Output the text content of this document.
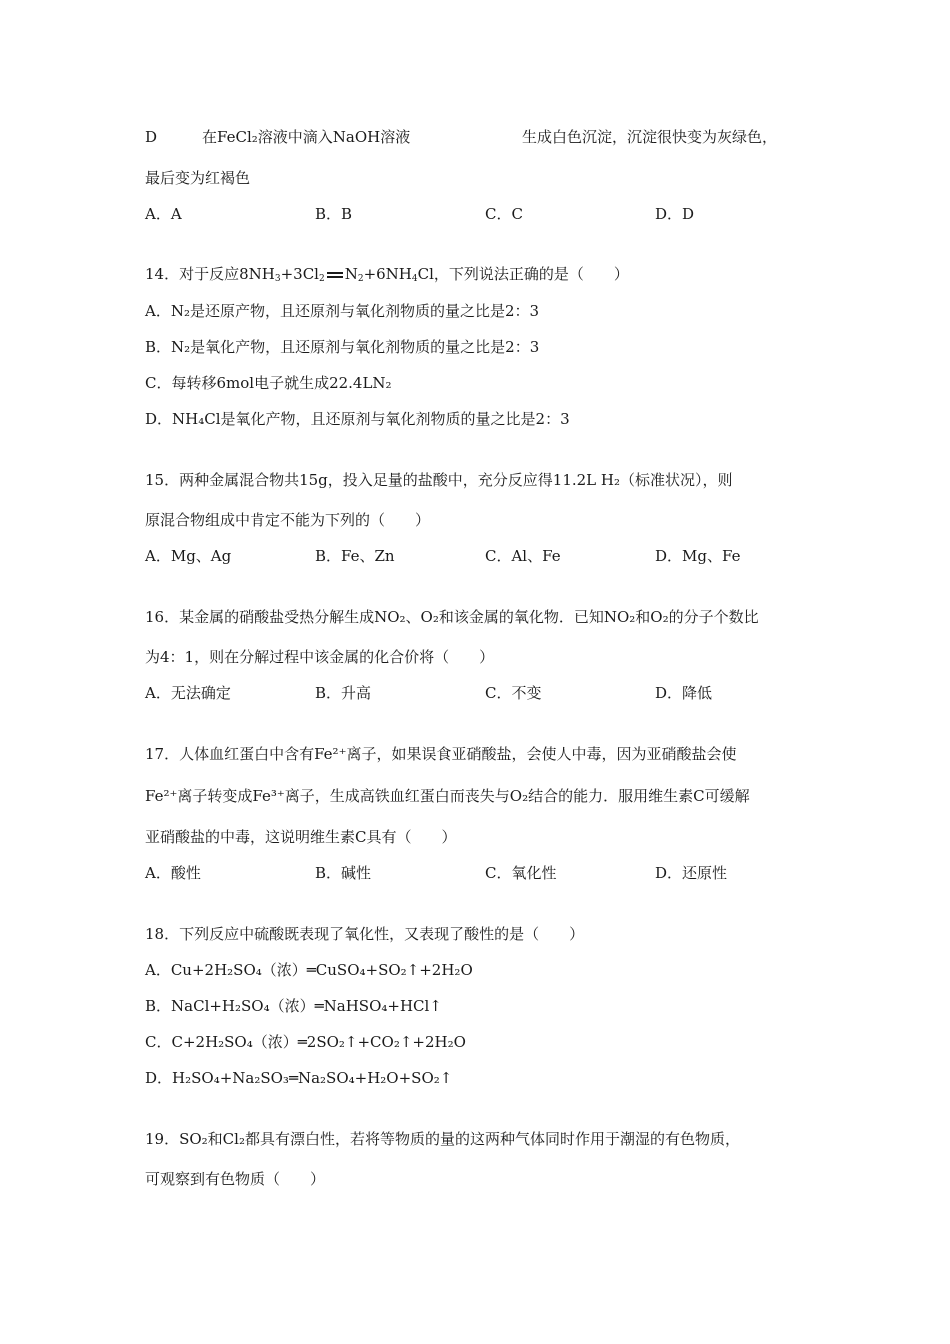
D	在FeCl₂溶液中滴入NaOH溶液	生成白色沉淀，沉淀很快变为灰绿色，
最后变为红褐色
A．A	B．B	C．C	D．D
14．对于反应$8NH_3+3Cl_2$ $N_2+6NH_4Cl$，下列说法正确的是（　　）
A．N₂是还原产物，且还原剂与氧化剂物质的量之比是2：3
B．N₂是氧化产物，且还原剂与氧化剂物质的量之比是2：3
C．每转移6mol电子就生成22.4LN₂
D．NH₄Cl是氧化产物，且还原剂与氧化剂物质的量之比是2：3
15．两种金属混合物共15g，投入足量的盐酸中，充分反应得11.2L H₂（标准状况），则
原混合物组成中肯定不能为下列的（　　）
A．Mg、Ag	B．Fe、Zn	C．Al、Fe	D．Mg、Fe
16．某金属的硝酸盐受热分解生成NO₂、O₂和该金属的氧化物．已知NO₂和O₂的分子个数比
为4：1，则在分解过程中该金属的化合价将（　　）
A．无法确定	B．升高	C．不变	D．降低
17．人体血红蛋白中含有Fe²⁺离子，如果误食亚硝酸盐，会使人中毒，因为亚硝酸盐会使
Fe²⁺离子转变成Fe³⁺离子，生成高铁血红蛋白而丧失与O₂结合的能力．服用维生素C可缓解
亚硝酸盐的中毒，这说明维生素C具有（　　）
A．酸性	B．碱性	C．氧化性	D．还原性
18．下列反应中硫酸既表现了氧化性，又表现了酸性的是（　　）
A．Cu+2H₂SO₄（浓）═CuSO₄+SO₂↑+2H₂O
B．NaCl+H₂SO₄（浓）═NaHSO₄+HCl↑
C．C+2H₂SO₄（浓）═2SO₂↑+CO₂↑+2H₂O
D．H₂SO₄+Na₂SO₃═Na₂SO₄+H₂O+SO₂↑
19．SO₂和Cl₂都具有漂白性，若将等物质的量的这两种气体同时作用于潮湿的有色物质，
可观察到有色物质（　　）
